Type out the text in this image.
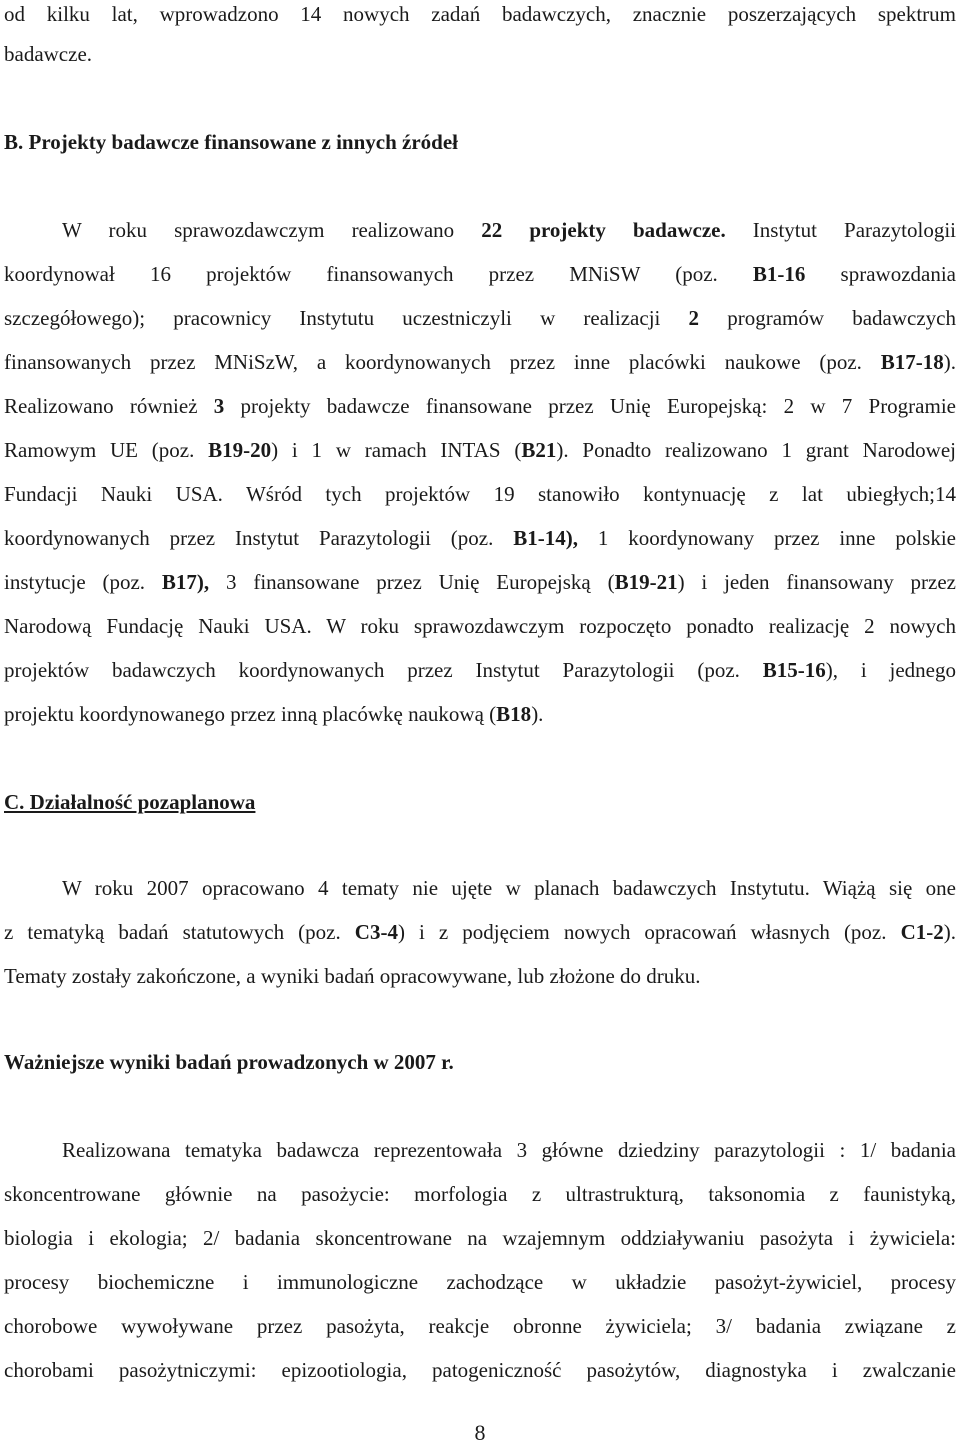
od kilku lat, wprowadzono 14 nowych zadań badawczych, znacznie poszerzających spektrum
badawcze.
B. Projekty badawcze finansowane z innych źródeł
W roku sprawozdawczym realizowano 22 projekty badawcze. Instytut Parazytologii
koordynował 16 projektów finansowanych przez MNiSW (poz. B1-16 sprawozdania
szczegółowego); pracownicy Instytutu uczestniczyli w realizacji 2 programów badawczych
finansowanych przez MNiSzW, a koordynowanych przez inne placówki naukowe (poz. B17-18).
Realizowano również 3 projekty badawcze finansowane przez Unię Europejską: 2 w 7 Programie
Ramowym UE (poz. B19-20) i 1 w ramach INTAS (B21). Ponadto realizowano 1 grant Narodowej
Fundacji Nauki USA. Wśród tych projektów 19 stanowiło kontynuację z lat ubiegłych;14
koordynowanych przez Instytut Parazytologii (poz. B1-14), 1 koordynowany przez inne polskie
instytucje (poz. B17), 3 finansowane przez Unię Europejską (B19-21) i jeden finansowany przez
Narodową Fundację Nauki USA. W roku sprawozdawczym rozpoczęto ponadto realizację 2 nowych
projektów badawczych koordynowanych przez Instytut Parazytologii (poz. B15-16), i jednego
projektu koordynowanego przez inną placówkę naukową (B18).
C. Działalność pozaplanowa
W roku 2007 opracowano 4 tematy nie ujęte w planach badawczych Instytutu. Wiążą się one
z tematyką badań statutowych (poz. C3-4) i z podjęciem nowych opracowań własnych (poz. C1-2).
Tematy zostały zakończone, a wyniki badań opracowywane, lub złożone do druku.
Ważniejsze wyniki badań prowadzonych w 2007 r.
Realizowana tematyka badawcza reprezentowała 3 główne dziedziny parazytologii : 1/ badania
skoncentrowane głównie na pasożycie: morfologia z ultrastrukturą, taksonomia z faunistyką,
biologia i ekologia; 2/ badania skoncentrowane na wzajemnym oddziaływaniu pasożyta i żywiciela:
procesy biochemiczne i immunologiczne zachodzące w układzie pasożyt-żywiciel, procesy
chorobowe wywoływane przez pasożyta, reakcje obronne żywiciela; 3/ badania związane z
chorobami pasożytniczymi: epizootiologia, patogeniczność pasożytów, diagnostyka i zwalczanie
8
